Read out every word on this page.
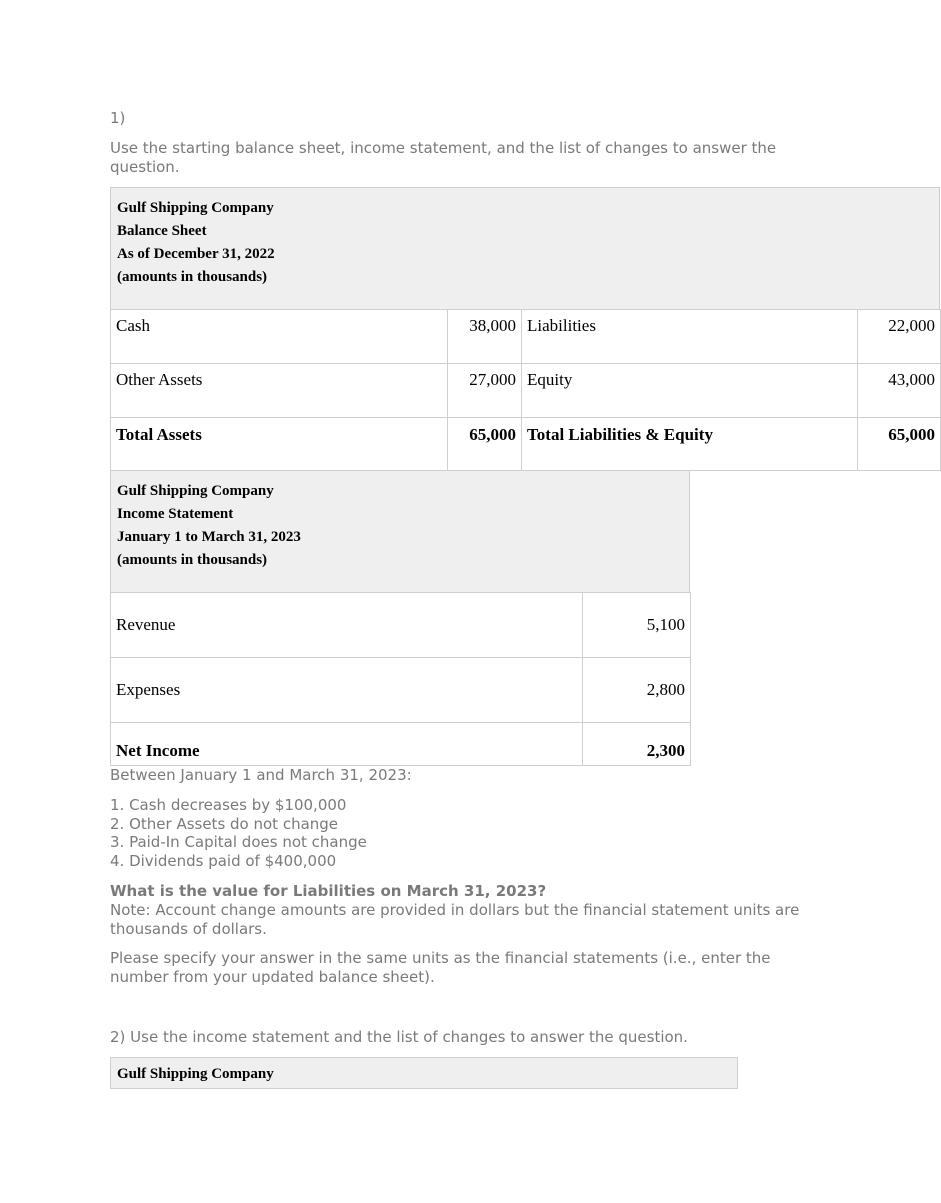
1)
Use the starting balance sheet, income statement, and the list of changes to answer the question.
Gulf Shipping Company
Balance Sheet
As of December 31, 2022
(amounts in thousands)
Cash	38,000	Liabilities	22,000
Other Assets	27,000	Equity	43,000
Total Assets	65,000	Total Liabilities & Equity	65,000
Gulf Shipping Company
Income Statement
January 1 to March 31, 2023
(amounts in thousands)
Revenue	5,100
Expenses	2,800
Net Income	2,300
Between January 1 and March 31, 2023:
1. Cash decreases by $100,000
2. Other Assets do not change
3. Paid-In Capital does not change
4. Dividends paid of $400,000
What is the value for Liabilities on March 31, 2023?
Note: Account change amounts are provided in dollars but the financial statement units are thousands of dollars.
Please specify your answer in the same units as the financial statements (i.e., enter the number from your updated balance sheet).
2) Use the income statement and the list of changes to answer the question.
Gulf Shipping Company
